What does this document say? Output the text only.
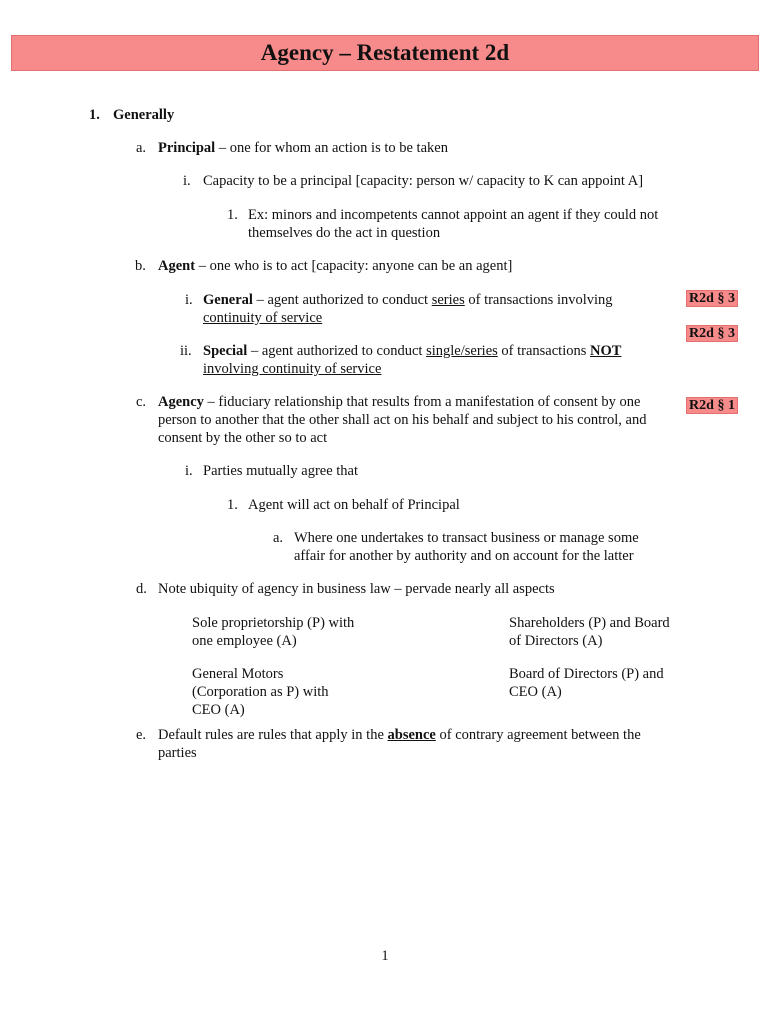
Agency – Restatement 2d
1. Generally
a. Principal – one for whom an action is to be taken
i. Capacity to be a principal [capacity: person w/ capacity to K can appoint A]
1. Ex: minors and incompetents cannot appoint an agent if they could not
themselves do the act in question
b. Agent – one who is to act [capacity: anyone can be an agent]
i. General – agent authorized to conduct series of transactions involving
continuity of service
ii. Special – agent authorized to conduct single/series of transactions NOT
involving continuity of service
c. Agency – fiduciary relationship that results from a manifestation of consent by one
person to another that the other shall act on his behalf and subject to his control, and
consent by the other so to act
i. Parties mutually agree that
1. Agent will act on behalf of Principal
a. Where one undertakes to transact business or manage some
affair for another by authority and on account for the latter
d. Note ubiquity of agency in business law – pervade nearly all aspects
Sole proprietorship (P) with
one employee (A)
Shareholders (P) and Board
of Directors (A)
General Motors
(Corporation as P) with
CEO (A)
Board of Directors (P) and
CEO (A)
e. Default rules are rules that apply in the absence of contrary agreement between the
parties
R2d § 3
R2d § 3
R2d § 1
1
